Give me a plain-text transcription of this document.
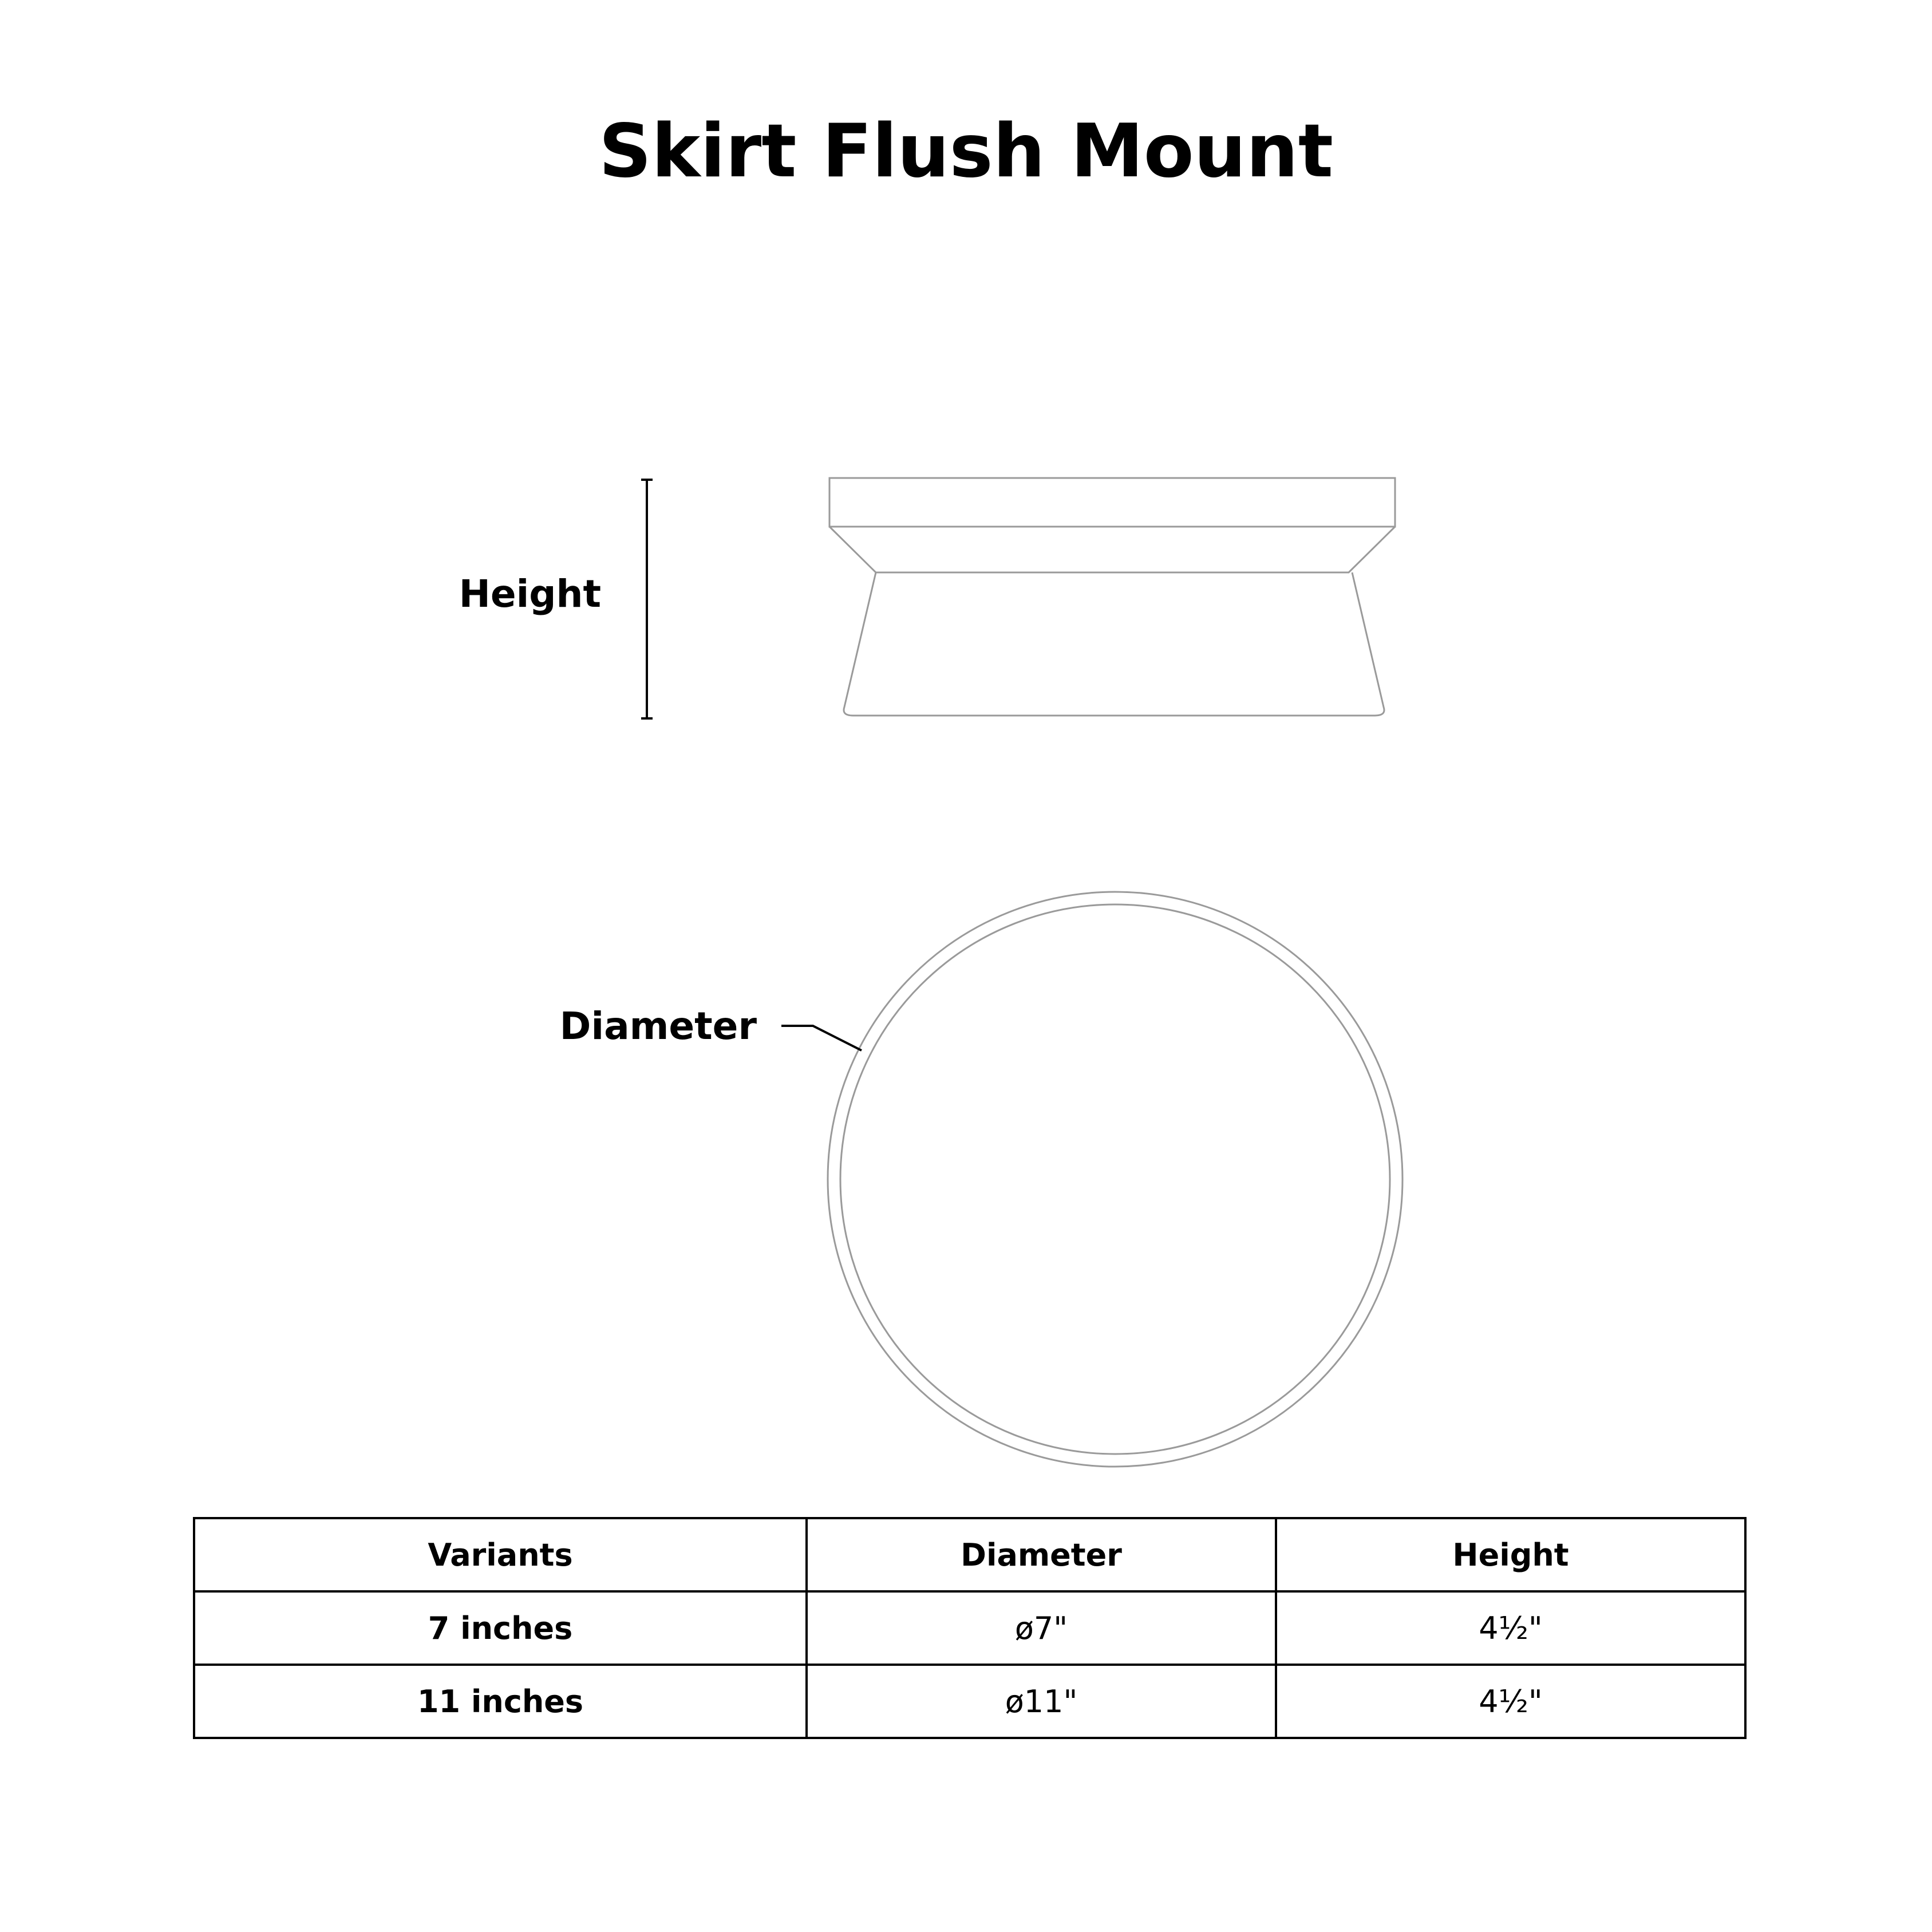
Skirt Flush Mount
Height
Diameter
Variants	Diameter	Height
7 inches	ø7"	4½"
11 inches	ø11"	4½"
